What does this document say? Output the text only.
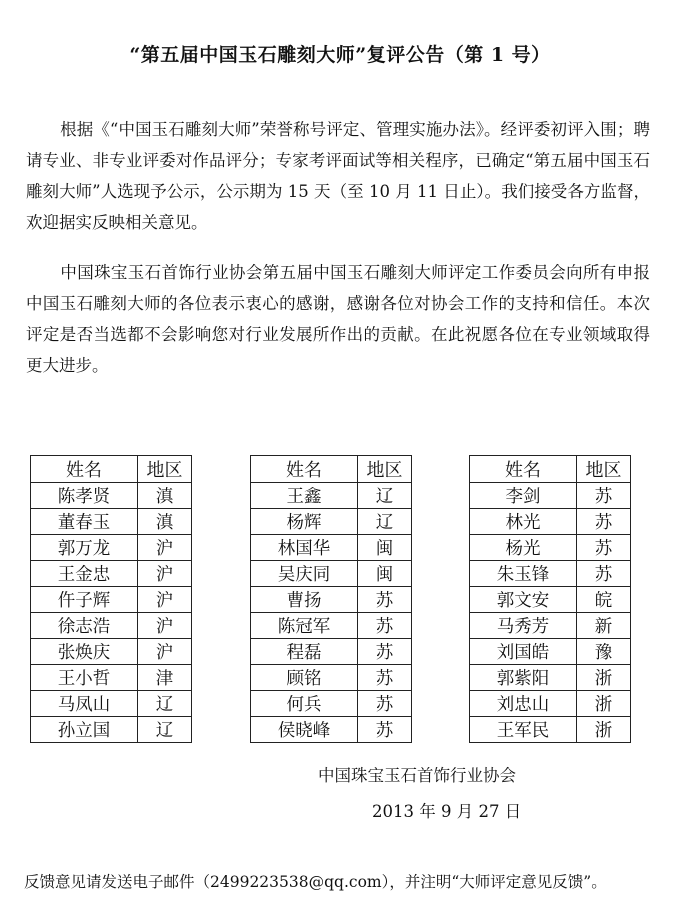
“第五届中国玉石雕刻大师”复评公告（第 1 号）
根据《“中国玉石雕刻大师”荣誉称号评定、管理实施办法》。经评委初评入围；聘请专业、非专业评委对作品评分；专家考评面试等相关程序，已确定“第五届中国玉石雕刻大师”人选现予公示，公示期为 15 天（至 10 月 11 日止）。我们接受各方监督，欢迎据实反映相关意见。
中国珠宝玉石首饰行业协会第五届中国玉石雕刻大师评定工作委员会向所有申报中国玉石雕刻大师的各位表示衷心的感谢，感谢各位对协会工作的支持和信任。本次评定是否当选都不会影响您对行业发展所作出的贡献。在此祝愿各位在专业领域取得更大进步。
姓名	地区
陈孝贤	滇
董春玉	滇
郭万龙	沪
王金忠	沪
仵子辉	沪
徐志浩	沪
张焕庆	沪
王小哲	津
马凤山	辽
孙立国	辽
姓名	地区
王鑫	辽
杨辉	辽
林国华	闽
吴庆同	闽
曹扬	苏
陈冠军	苏
程磊	苏
顾铭	苏
何兵	苏
侯晓峰	苏
姓名	地区
李剑	苏
林光	苏
杨光	苏
朱玉锋	苏
郭文安	皖
马秀芳	新
刘国皓	豫
郭紫阳	浙
刘忠山	浙
王军民	浙
中国珠宝玉石首饰行业协会
2013 年 9 月 27 日
反馈意见请发送电子邮件（2499223538@qq.com），并注明“大师评定意见反馈”。
